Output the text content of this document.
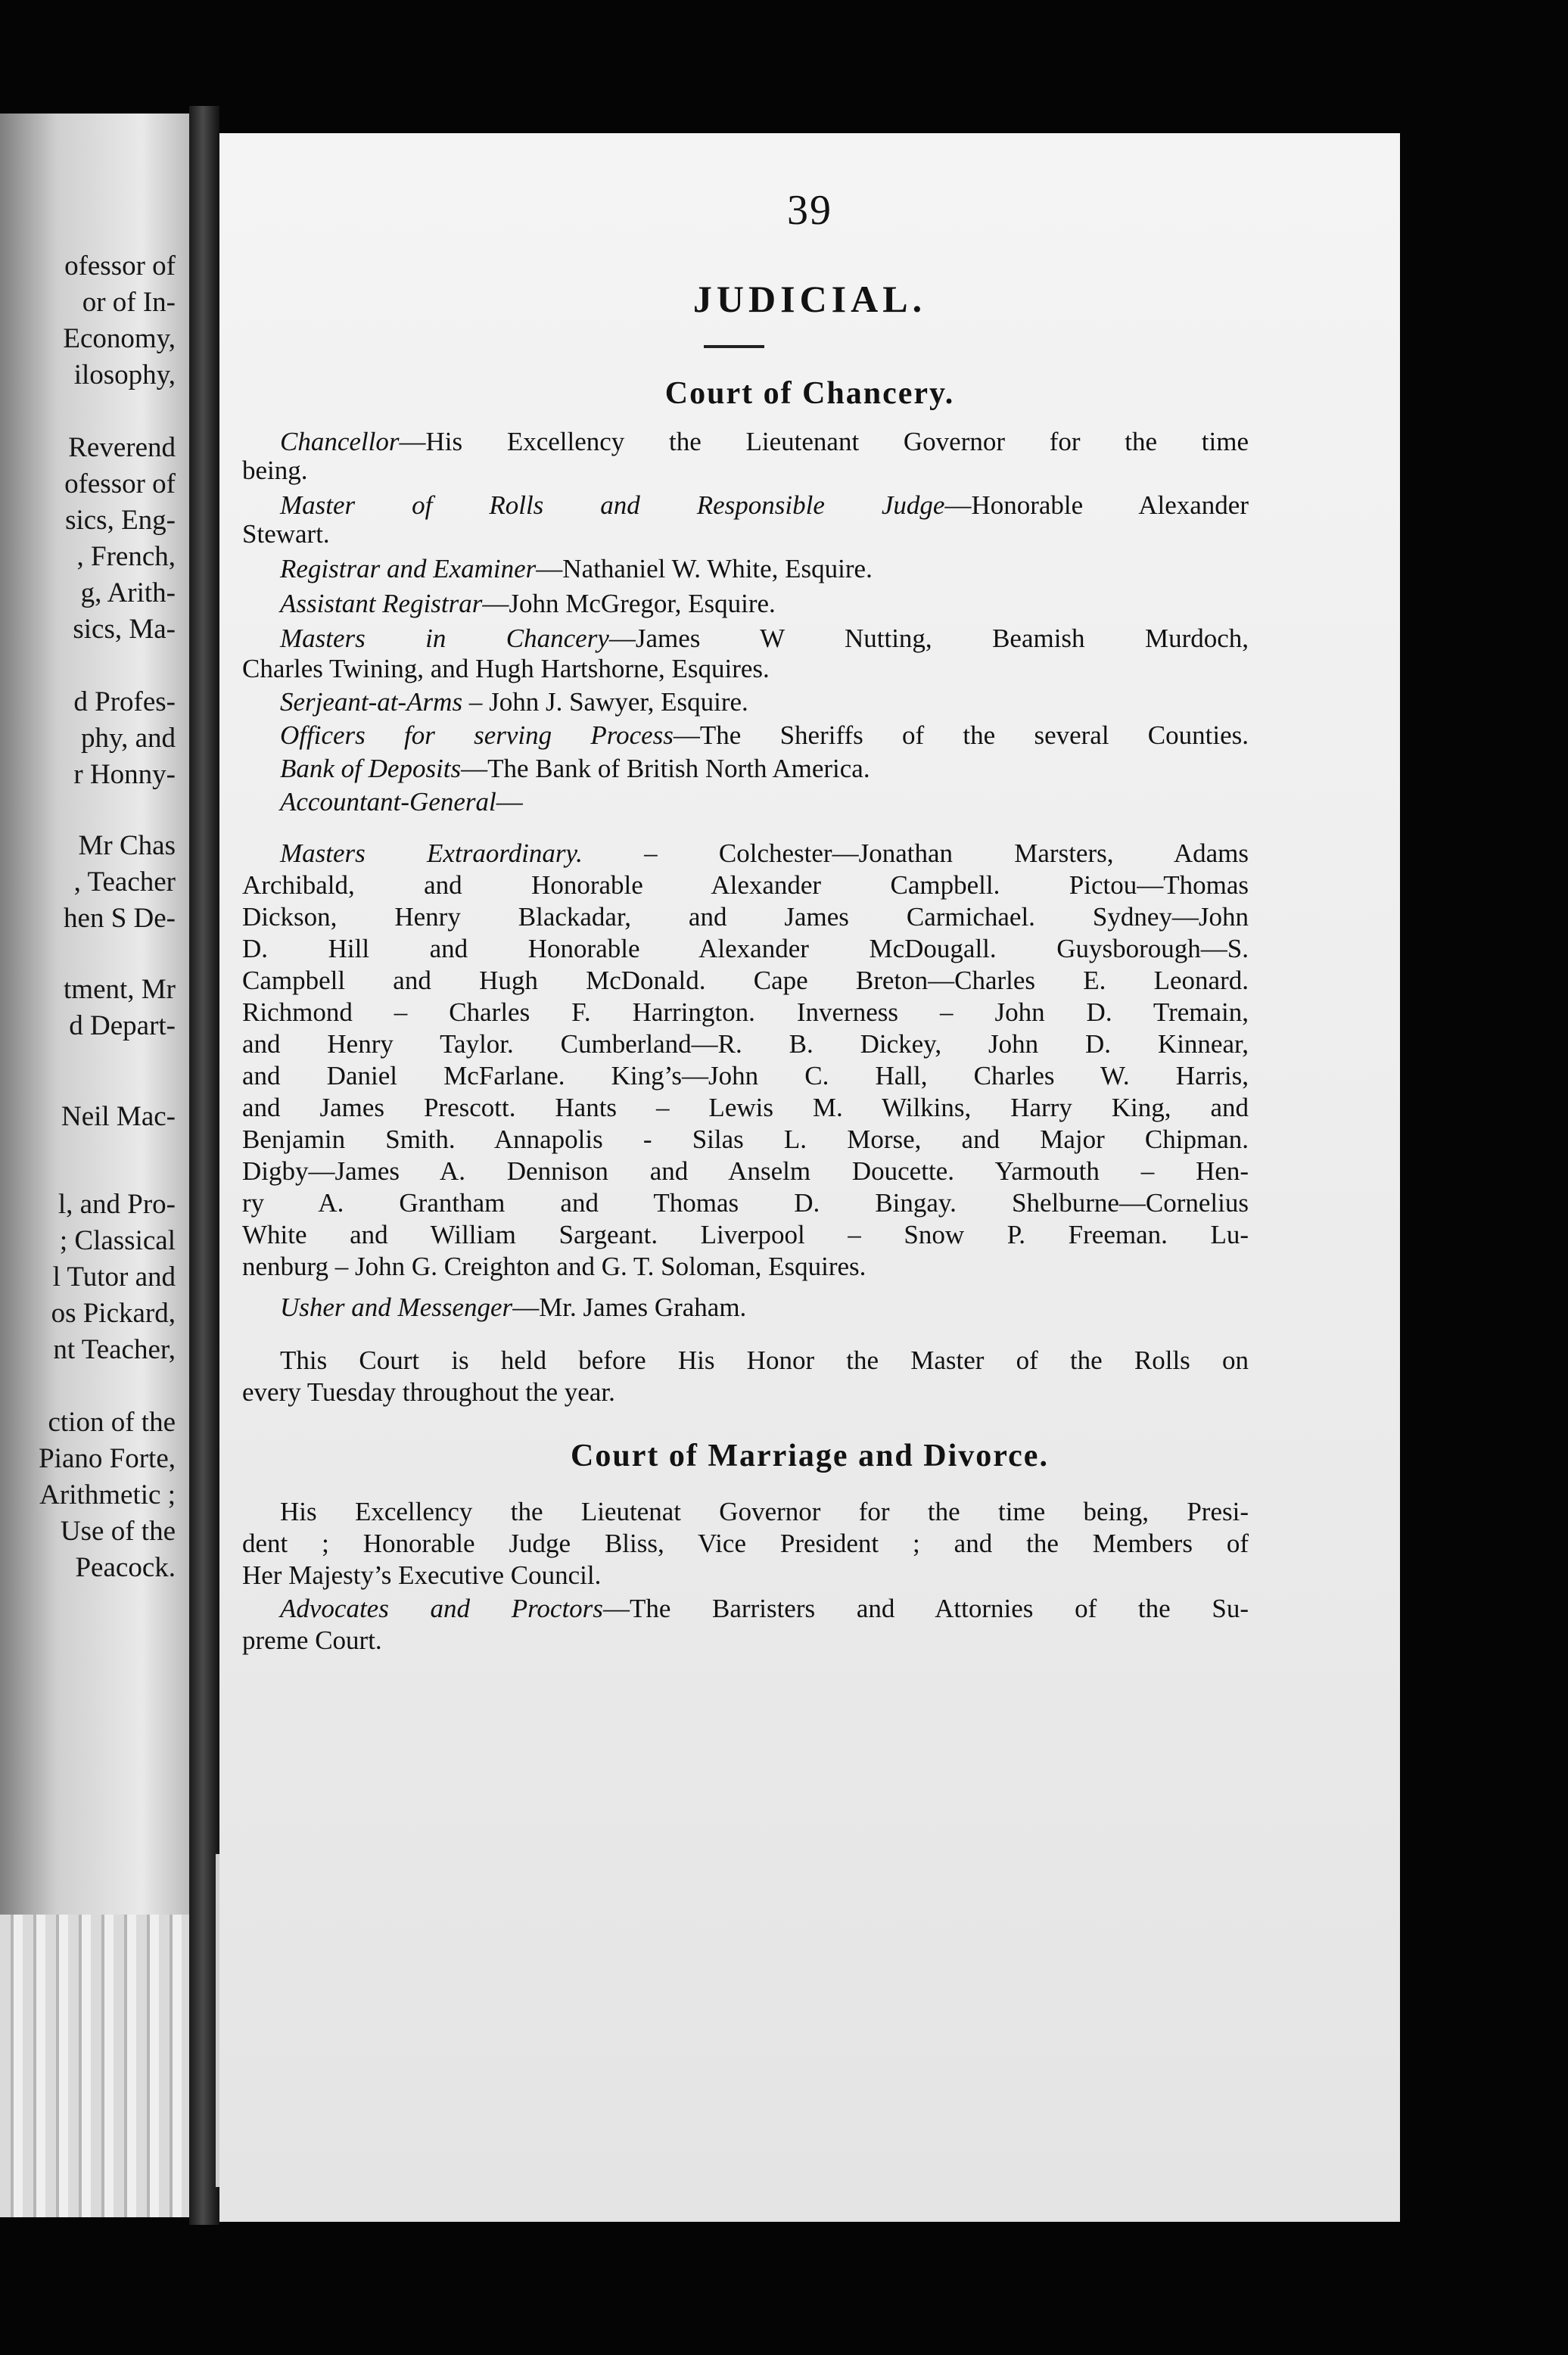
ofessor of
or of In-
Economy,
ilosophy,
Reverend
ofessor of
sics, Eng-
, French,
g, Arith-
sics, Ma-
d Profes-
phy, and
r Honny-
Mr Chas
, Teacher
hen S De-
tment, Mr
d Depart-
Neil Mac-
l, and Pro-
; Classical
l Tutor and
os Pickard,
nt Teacher,
ction of the
Piano Forte,
Arithmetic ;
Use of the
Peacock.
39
JUDICIAL.
Court of Chancery.
Chancellor—His Excellency the Lieutenant Governor for the time
being.
Master of Rolls and Responsible Judge—Honorable Alexander
Stewart.
Registrar and Examiner—Nathaniel W. White, Esquire.
Assistant Registrar—John McGregor, Esquire.
Masters in Chancery—James W Nutting, Beamish Murdoch,
Charles Twining, and Hugh Hartshorne, Esquires.
Serjeant-at-Arms – John J. Sawyer, Esquire.
Officers for serving Process—The Sheriffs of the several Counties.
Bank of Deposits—The Bank of British North America.
Accountant-General—
Masters Extraordinary. – Colchester—Jonathan Marsters, Adams
Archibald, and Honorable Alexander Campbell. Pictou—Thomas
Dickson, Henry Blackadar, and James Carmichael. Sydney—John
D. Hill and Honorable Alexander McDougall. Guysborough—S.
Campbell and Hugh McDonald. Cape Breton—Charles E. Leonard.
Richmond – Charles F. Harrington. Inverness – John D. Tremain,
and Henry Taylor. Cumberland—R. B. Dickey, John D. Kinnear,
and Daniel McFarlane. King’s—John C. Hall, Charles W. Harris,
and James Prescott. Hants – Lewis M. Wilkins, Harry King, and
Benjamin Smith. Annapolis - Silas L. Morse, and Major Chipman.
Digby—James A. Dennison and Anselm Doucette. Yarmouth – Hen-
ry A. Grantham and Thomas D. Bingay. Shelburne—Cornelius
White and William Sargeant. Liverpool – Snow P. Freeman. Lu-
nenburg – John G. Creighton and G. T. Soloman, Esquires.
Usher and Messenger—Mr. James Graham.
This Court is held before His Honor the Master of the Rolls on
every Tuesday throughout the year.
Court of Marriage and Divorce.
His Excellency the Lieutenat Governor for the time being, Presi-
dent ; Honorable Judge Bliss, Vice President ; and the Members of
Her Majesty’s Executive Council.
Advocates and Proctors—The Barristers and Attornies of the Su-
preme Court.
